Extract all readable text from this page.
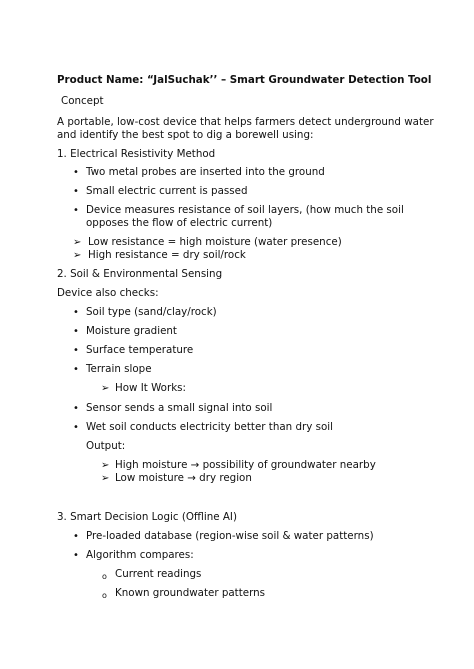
Product Name: “JalSuchak’’ – Smart Groundwater Detection Tool
Concept
A portable, low-cost device that helps farmers detect underground water
and identify the best spot to dig a borewell using:
1. Electrical Resistivity Method
• Two metal probes are inserted into the ground
• Small electric current is passed
• Device measures resistance of soil layers, (how much the soil
opposes the flow of electric current)
➢ Low resistance = high moisture (water presence)
➢ High resistance = dry soil/rock
2. Soil & Environmental Sensing
Device also checks:
• Soil type (sand/clay/rock)
• Moisture gradient
• Surface temperature
• Terrain slope
➢ How It Works:
• Sensor sends a small signal into soil
• Wet soil conducts electricity better than dry soil
Output:
➢ High moisture → possibility of groundwater nearby
➢ Low moisture → dry region
3. Smart Decision Logic (Offline AI)
• Pre-loaded database (region-wise soil & water patterns)
• Algorithm compares:
o Current readings
o Known groundwater patterns
